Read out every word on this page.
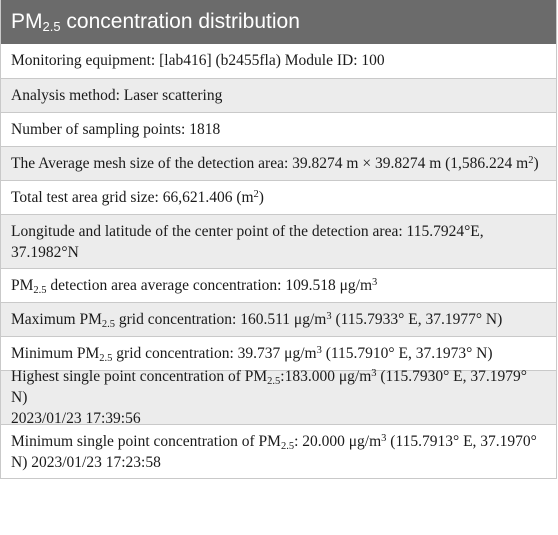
$PM_{2.5}$ concentration distribution
Monitoring equipment: [lab416] (b2455fla) Module ID: 100
Analysis method: Laser scattering
Number of sampling points: 1818
The Average mesh size of the detection area: 39.8274 m × 39.8274 m (1,586.224 $m^2$)
Total test area grid size: 66,621.406 $(m^2)$
Longitude and latitude of the center point of the detection area: 115.7924°E,
37.1982°N
$PM_{2.5}$ detection area average concentration: 109.518 $\mu g/m^3$
Maximum $PM_{2.5}$ grid concentration: 160.511 $\mu g/m^3$ (115.7933° E, 37.1977° N)
Minimum $PM_{2.5}$ grid concentration: 39.737 $\mu g/m^3$ (115.7910° E, 37.1973° N)
Highest single point concentration of $PM_{2.5}:183.000$ $\mu g/m^3$ (115.7930° E, 37.1979° N)
2023/01/23 17:39:56
Minimum single point concentration of $PM_{2.5}$: 20.000 $\mu g/m^3$ (115.7913° E, 37.1970°
N) 2023/01/23 17:23:58
